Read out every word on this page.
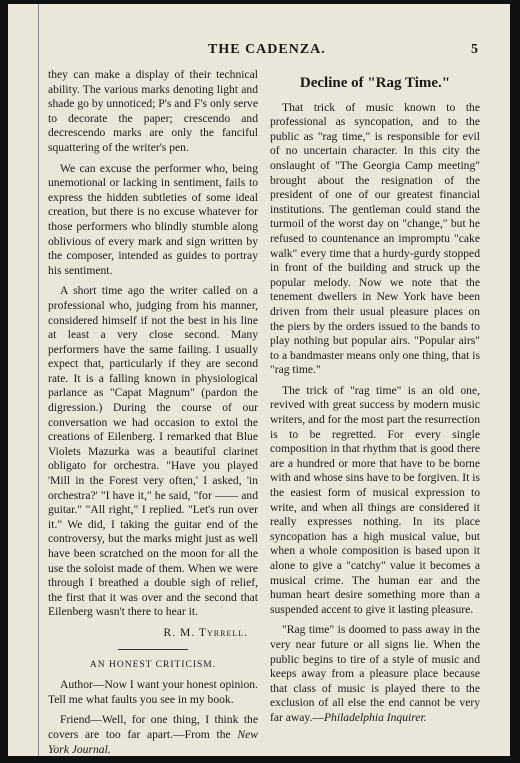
THE CADENZA.	5

they can make a display of their technical ability. The various marks denoting light and shade go by unnoticed; P's and F's only serve to decorate the paper; crescendo and decrescendo marks are only the fanciful squattering of the writer's pen.

We can excuse the performer who, being unemotional or lacking in sentiment, fails to express the hidden subtleties of some ideal creation, but there is no excuse whatever for those performers who blindly stumble along oblivious of every mark and sign written by the composer, intended as guides to portray his sentiment.

A short time ago the writer called on a professional who, judging from his manner, considered himself if not the best in his line at least a very close second. Many performers have the same failing. I usually expect that, particularly if they are second rate. It is a falling known in physiological parlance as "Capat Magnum" (pardon the digression.) During the course of our conversation we had occasion to extol the creations of Eilenberg. I remarked that Blue Violets Mazurka was a beautiful clarinet obligato for orchestra. "Have you played 'Mill in the Forest very often,' I asked, 'in orchestra?' "I have it," he said, "for —— and guitar." "All right," I replied. "Let's run over it." We did, I taking the guitar end of the controversy, but the marks might just as well have been scratched on the moon for all the use the soloist made of them. When we were through I breathed a double sigh of relief, the first that it was over and the second that Eilenberg wasn't there to hear it.

R. M. Tyrrell.
AN HONEST CRITICISM.

Author—Now I want your honest opinion. Tell me what faults you see in my book.

Friend—Well, for one thing, I think the covers are too far apart.—From the New York Journal.

Decline of "Rag Time."

That trick of music known to the professional as syncopation, and to the public as "rag time," is responsible for evil of no uncertain character. In this city the onslaught of "The Georgia Camp meeting" brought about the resignation of the president of one of our greatest financial institutions. The gentleman could stand the turmoil of the worst day on "change," but he refused to countenance an impromptu "cake walk" every time that a hurdy-gurdy stopped in front of the building and struck up the popular melody. Now we note that the tenement dwellers in New York have been driven from their usual pleasure places on the piers by the orders issued to the bands to play nothing but popular airs. "Popular airs" to a bandmaster means only one thing, that is "rag time."

The trick of "rag time" is an old one, revived with great success by modern music writers, and for the most part the resurrection is to be regretted. For every single composition in that rhythm that is good there are a hundred or more that have to be borne with and whose sins have to be forgiven. It is the easiest form of musical expression to write, and when all things are considered it really expresses nothing. In its place syncopation has a high musical value, but when a whole composition is based upon it alone to give a "catchy" value it becomes a musical crime. The human ear and the human heart desire something more than a suspended accent to give it lasting pleasure.

"Rag time" is doomed to pass away in the very near future or all signs lie. When the public begins to tire of a style of music and keeps away from a pleasure place because that class of music is played there to the exclusion of all else the end cannot be very far away.—Philadelphia Inquirer.
